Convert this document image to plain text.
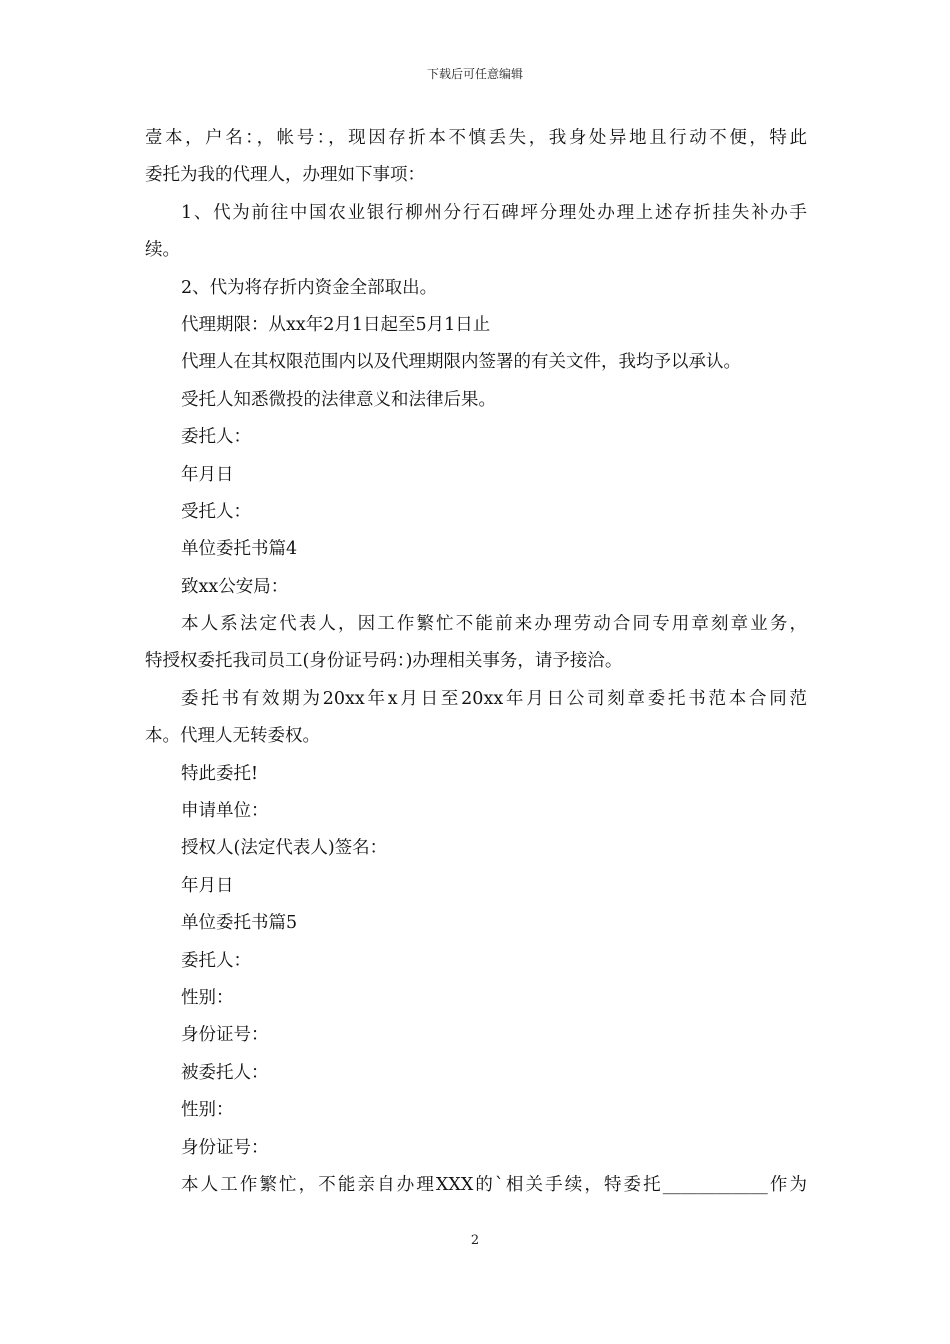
下载后可任意编辑
壹本，户名：，帐号：，现因存折本不慎丢失，我身处异地且行动不便，特此
委托为我的代理人，办理如下事项：
1、代为前往中国农业银行柳州分行石碑坪分理处办理上述存折挂失补办手
续。
2、代为将存折内资金全部取出。
代理期限：从xx年2月1日起至5月1日止
代理人在其权限范围内以及代理期限内签署的有关文件，我均予以承认。
受托人知悉微投的法律意义和法律后果。
委托人：
年月日
受托人：
单位委托书篇4
致xx公安局：
本人系法定代表人，因工作繁忙不能前来办理劳动合同专用章刻章业务，
特授权委托我司员工(身份证号码：)办理相关事务，请予接洽。
委托书有效期为20xx年x月日至20xx年月日公司刻章委托书范本合同范
本。代理人无转委权。
特此委托!
申请单位：
授权人(法定代表人)签名：
年月日
单位委托书篇5
委托人：
性别：
身份证号：
被委托人：
性别：
身份证号：
本人工作繁忙，不能亲自办理XXX的`相关手续，特委托____________作为
2
